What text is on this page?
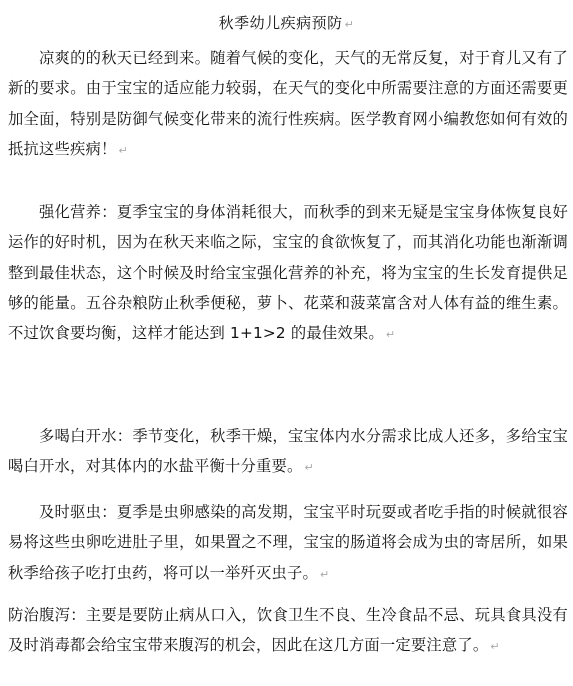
秋季幼儿疾病预防 ↵

凉爽的的秋天已经到来。随着气候的变化，天气的无常反复，对于育儿又有了新的要求。由于宝宝的适应能力较弱，在天气的变化中所需要注意的方面还需要更加全面，特别是防御气候变化带来的流行性疾病。医学教育网小编教您如何有效的抵抗这些疾病！ ↵

强化营养：夏季宝宝的身体消耗很大，而秋季的到来无疑是宝宝身体恢复良好运作的好时机，因为在秋天来临之际，宝宝的食欲恢复了，而其消化功能也渐渐调整到最佳状态，这个时候及时给宝宝强化营养的补充，将为宝宝的生长发育提供足够的能量。五谷杂粮防止秋季便秘，萝卜、花菜和菠菜富含对人体有益的维生素。不过饮食要均衡，这样才能达到 1+1>2 的最佳效果。 ↵

多喝白开水：季节变化，秋季干燥，宝宝体内水分需求比成人还多，多给宝宝喝白开水，对其体内的水盐平衡十分重要。 ↵

及时驱虫：夏季是虫卵感染的高发期，宝宝平时玩耍或者吃手指的时候就很容易将这些虫卵吃进肚子里，如果置之不理，宝宝的肠道将会成为虫的寄居所，如果秋季给孩子吃打虫药，将可以一举歼灭虫子。 ↵

防治腹泻：主要是要防止病从口入，饮食卫生不良、生冷食品不忌、玩具食具没有及时消毒都会给宝宝带来腹泻的机会，因此在这几方面一定要注意了。 ↵
